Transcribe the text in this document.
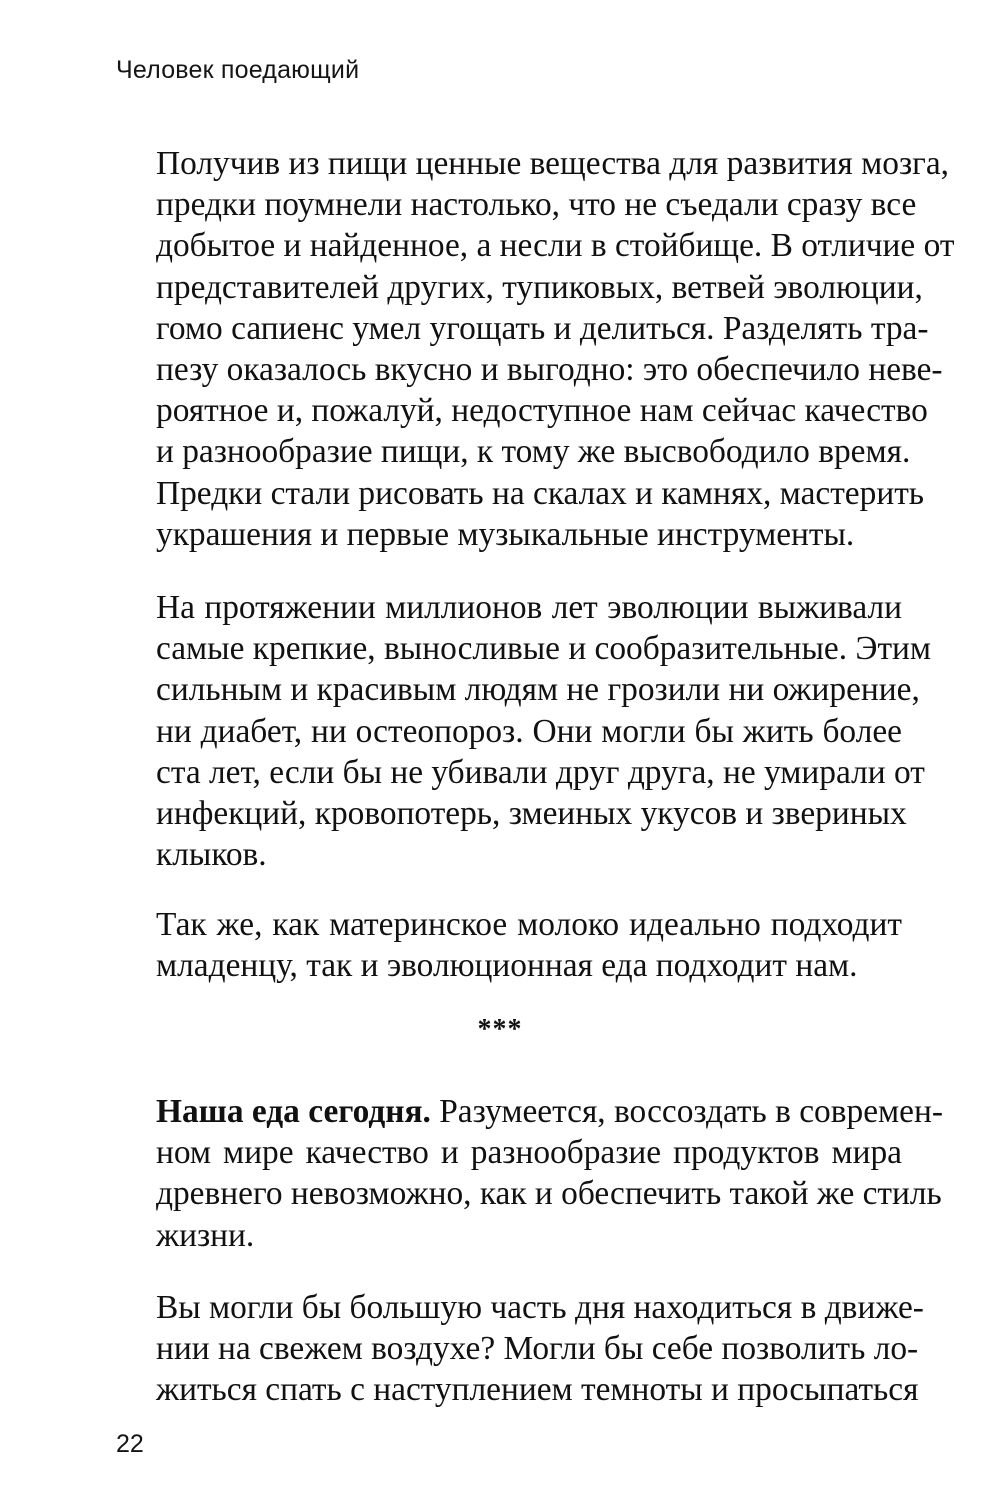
Человек поедающий
Получив из пищи ценные вещества для развития мозга,
предки поумнели настолько, что не съедали сразу все
добытое и найденное, а несли в стойбище. В отличие от
представителей других, тупиковых, ветвей эволюции,
гомо сапиенс умел угощать и делиться. Разделять тра-
пезу оказалось вкусно и выгодно: это обеспечило неве-
роятное и, пожалуй, недоступное нам сейчас качество
и разнообразие пищи, к тому же высвободило время.
Предки стали рисовать на скалах и камнях, мастерить
украшения и первые музыкальные инструменты.
На протяжении миллионов лет эволюции выживали
самые крепкие, выносливые и сообразительные. Этим
сильным и красивым людям не грозили ни ожирение,
ни диабет, ни остеопороз. Они могли бы жить более
ста лет, если бы не убивали друг друга, не умирали от
инфекций, кровопотерь, змеиных укусов и звериных
клыков.
Так же, как материнское молоко идеально подходит
младенцу, так и эволюционная еда подходит нам.
***
Наша еда сегодня. Разумеется, воссоздать в современ-
ном мире качество и разнообразие продуктов мира
древнего невозможно, как и обеспечить такой же стиль
жизни.
Вы могли бы большую часть дня находиться в движе-
нии на свежем воздухе? Могли бы себе позволить ло-
житься спать с наступлением темноты и просыпаться
22
